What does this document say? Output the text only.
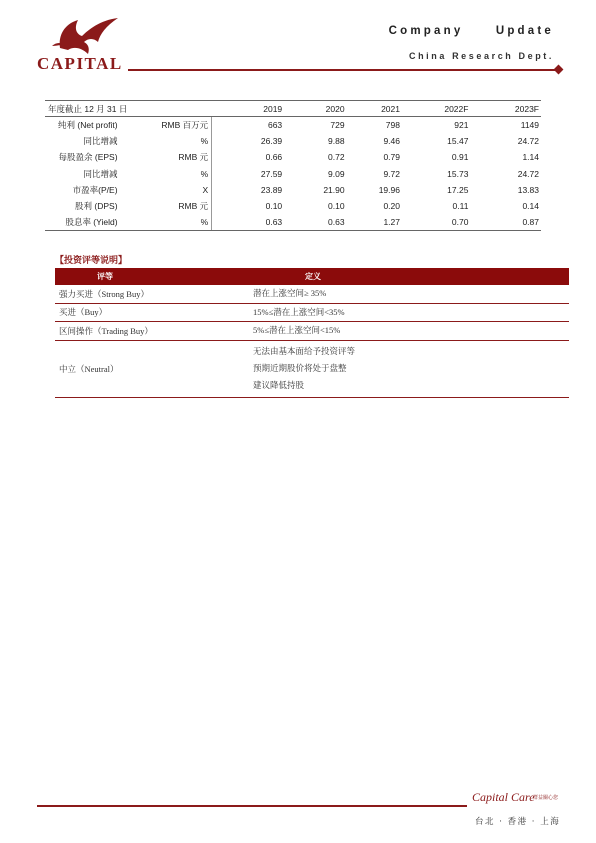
CAPITAL
Company Update
China Research Dept.
年度截止 12 月 31 日		2019	2020	2021	2022F	2023F
纯利 (Net profit)	RMB 百万元	663	729	798	921	1149
同比增减	%	26.39	9.88	9.46	15.47	24.72
每股盈余 (EPS)	RMB 元	0.66	0.72	0.79	0.91	1.14
同比增减	%	27.59	9.09	9.72	15.73	24.72
市盈率(P/E)	X	23.89	21.90	19.96	17.25	13.83
股利 (DPS)	RMB 元	0.10	0.10	0.20	0.11	0.14
股息率 (Yield)	%	0.63	0.63	1.27	0.70	0.87
【投资评等说明】
评等	定义
强力买进（Strong Buy）	潜在上涨空间≥ 35%

买进（Buy）	15%≤潜在上涨空间<35%

区间操作（Trading Buy）	5%≤潜在上涨空间<15%

中立（Neutral）	无法由基本面给予投资评等
预期近期股价将处于盘整
建议降低持股
Capital Care
群益關心您
台北 · 香港 · 上海
